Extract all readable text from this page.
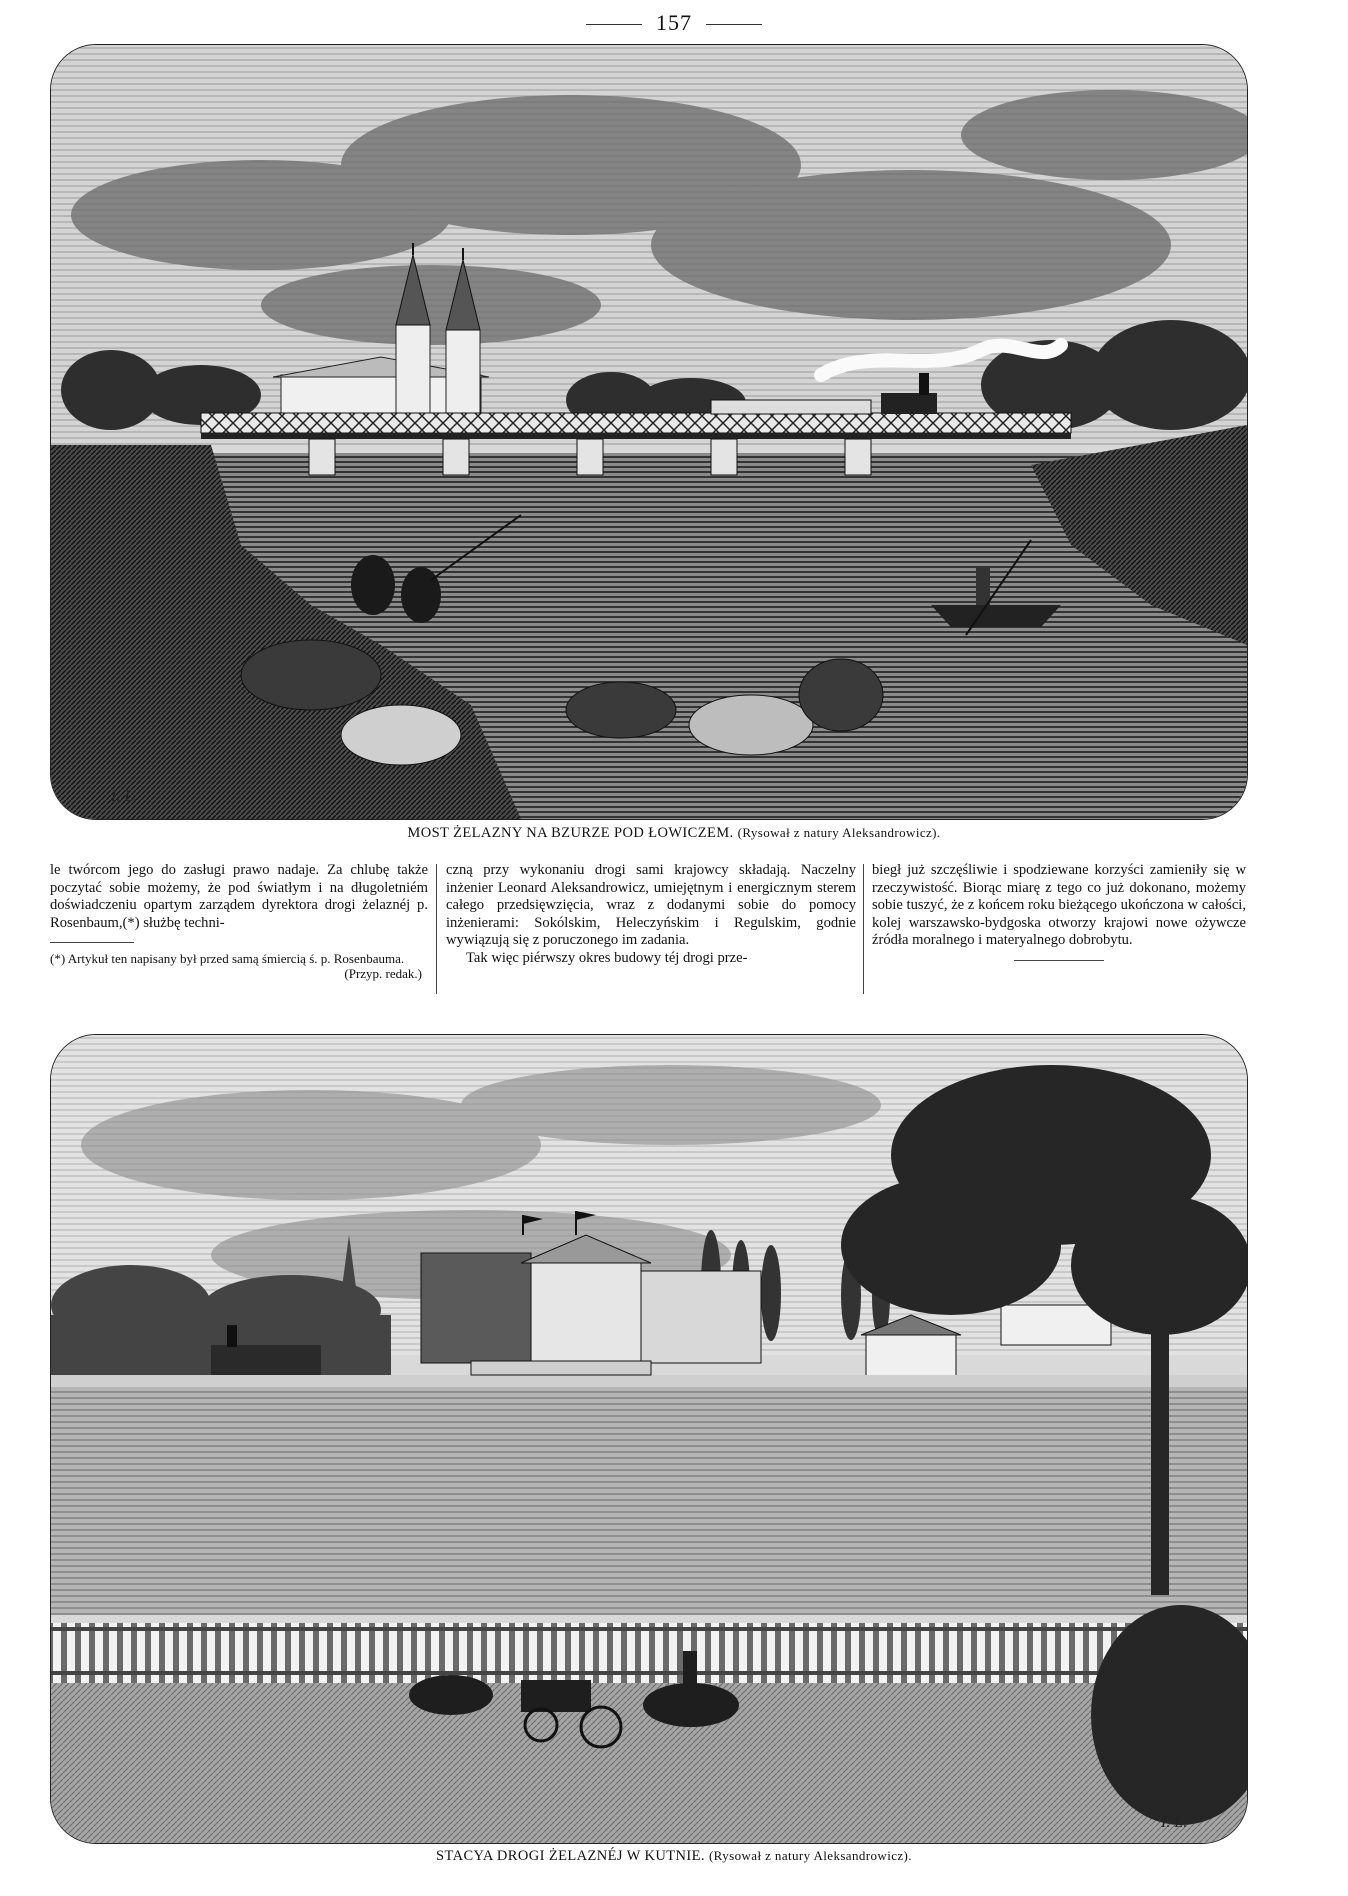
157
I. L.
MOST ŻELAZNY NA BZURZE POD ŁOWICZEM. (Rysował z natury Aleksandrowicz).

le twórcom jego do zasługi prawo nadaje. Za chlubę także poczytać sobie możemy, że pod światłym i na długoletniém doświadczeniu opartym zarządem dyrektora drogi żelaznéj p. Rosenbaum,(*) służbę techni-

(*) Artykuł ten napisany był przed samą śmiercią ś. p. Rosenbauma.
(Przyp. redak.)

czną przy wykonaniu drogi sami krajowcy składają. Naczelny inżenier Leonard Aleksandrowicz, umiejętnym i energicznym sterem całego przedsięwzięcia, wraz z dodanymi sobie do pomocy inżenierami: Sokólskim, Heleczyńskim i Regulskim, godnie wywiązują się z poruczonego im zadania.

Tak więc piérwszy okres budowy téj drogi prze-

biegł już szczęśliwie i spodziewane korzyści zamieniły się w rzeczywistość. Biorąc miarę z tego co już dokonano, możemy sobie tuszyć, że z końcem roku bieżącego ukończona w całości, kolej warszawsko-bydgoska otworzy krajowi nowe ożywcze źródła moralnego i materyalnego dobrobytu.

I. L.
STACYA DROGI ŻELAZNÉJ W KUTNIE. (Rysował z natury Aleksandrowicz).
